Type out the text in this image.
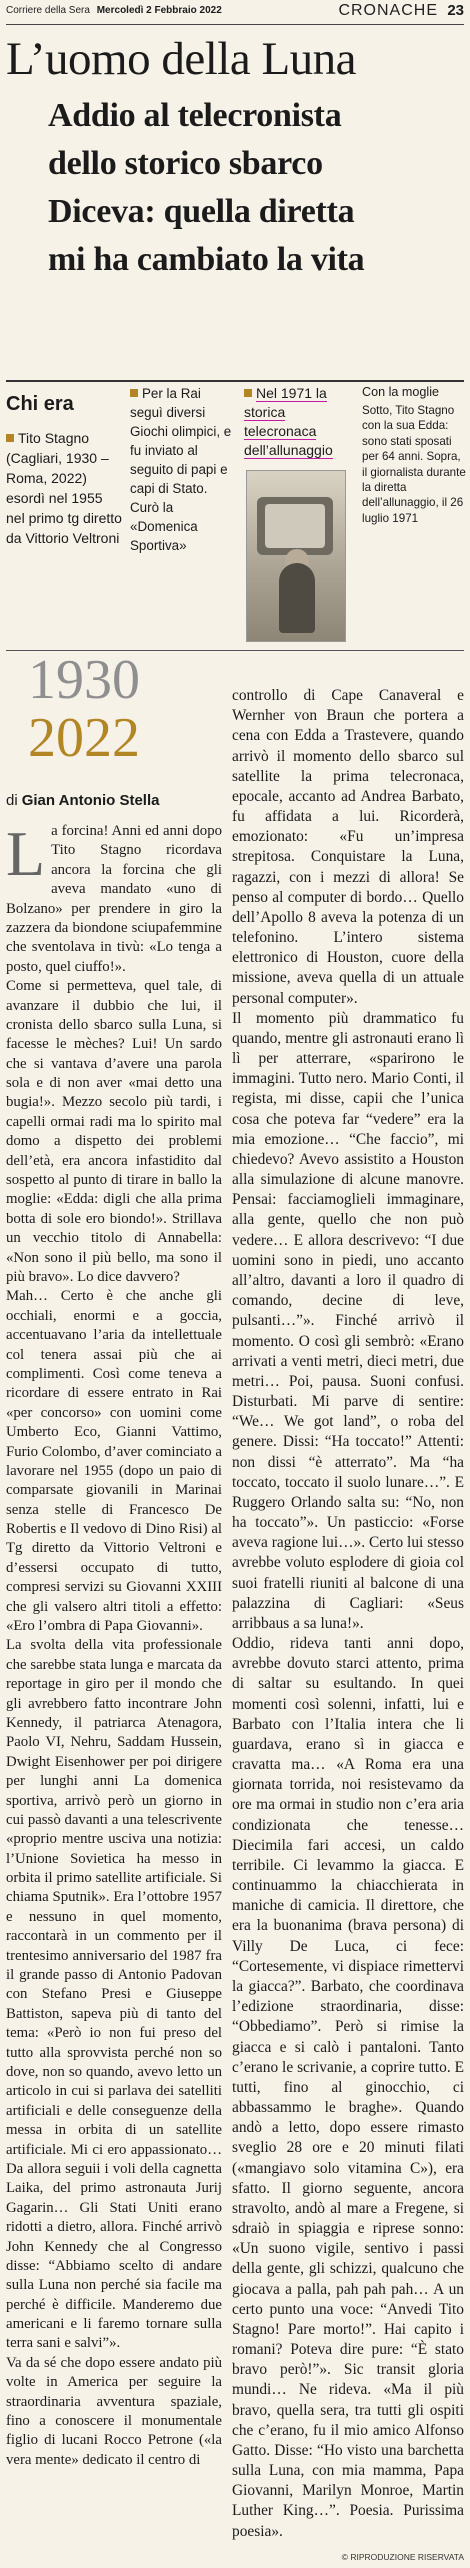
Corriere della Sera Mercoledì 2 Febbraio 2022	CRONACHE 23
L’uomo della Luna
Addio al telecronista
dello storico sbarco
Diceva: quella diretta
mi ha cambiato la vita
Chi era
Tito Stagno (Cagliari, 1930 – Roma, 2022) esordì nel 1955 nel primo tg diretto da Vittorio Veltroni
Per la Rai seguì diversi Giochi olimpici, e fu inviato al seguito di papi e capi di Stato. Curò la «Domenica Sportiva»
Nel 1971 la storica telecronaca dell’allunaggio
Con la moglie
Sotto, Tito Stagno con la sua Edda: sono stati sposati per 64 anni. Sopra, il giornalista durante la diretta dell’allunaggio, il 26 luglio 1971
1930
2022
di Gian Antonio Stella
L a forcina! Anni ed anni dopo Tito Stagno ricordava ancora la forcina che gli aveva mandato «uno di Bolzano» per prendere in giro la zazzera da biondone sciupafemmine che sventolava in tivù: «Lo tenga a posto, quel ciuffo!».

Come si permetteva, quel tale, di avanzare il dubbio che lui, il cronista dello sbarco sulla Luna, si facesse le mèches? Lui! Un sardo che si vantava d’avere una parola sola e di non aver «mai detto una bugia!». Mezzo secolo più tardi, i capelli ormai radi ma lo spirito mal domo a dispetto dei problemi dell’età, era ancora infastidito dal sospetto al punto di tirare in ballo la moglie: «Edda: digli che alla prima botta di sole ero biondo!». Strillava un vecchio titolo di Annabella: «Non sono il più bello, ma sono il più bravo». Lo dice davvero?

Mah… Certo è che anche gli occhiali, enormi e a goccia, accentuavano l’aria da intellettuale col tenera assai più che ai complimenti. Così come teneva a ricordare di essere entrato in Rai «per concorso» con uomini come Umberto Eco, Gianni Vattimo, Furio Colombo, d’aver cominciato a lavorare nel 1955 (dopo un paio di comparsate giovanili in Marinai senza stelle di Francesco De Robertis e Il vedovo di Dino Risi) al Tg diretto da Vittorio Veltroni e d’essersi occupato di tutto, compresi servizi su Giovanni XXIII che gli valsero altri titoli a effetto: «Ero l’ombra di Papa Giovanni».

La svolta della vita professionale che sarebbe stata lunga e marcata da reportage in giro per il mondo che gli avrebbero fatto incontrare John Kennedy, il patriarca Atenagora, Paolo VI, Nehru, Saddam Hussein, Dwight Eisenhower per poi dirigere per lunghi anni La domenica sportiva, arrivò però un giorno in cui passò davanti a una telescrivente «proprio mentre usciva una notizia: l’Unione Sovietica ha messo in orbita il primo satellite artificiale. Si chiama Sputnik». Era l’ottobre 1957 e nessuno in quel momento, raccontarà in un commento per il trentesimo anniversario del 1987 fra il grande passo di Antonio Padovan con Stefano Presi e Giuseppe Battiston, sapeva più di tanto del tema: «Però io non fui preso del tutto alla sprovvista perché non so dove, non so quando, avevo letto un articolo in cui si parlava dei satelliti artificiali e delle conseguenze della messa in orbita di un satellite artificiale. Mi ci ero appassionato… Da allora seguii i voli della cagnetta Laika, del primo astronauta Jurij Gagarin… Gli Stati Uniti erano ridotti a dietro, allora. Finché arrivò John Kennedy che al Congresso disse: “Abbiamo scelto di andare sulla Luna non perché sia facile ma perché è difficile. Manderemo due americani e li faremo tornare sulla terra sani e salvi”».

Va da sé che dopo essere andato più volte in America per seguire la straordinaria avventura spaziale, fino a conoscere il monumentale figlio di lucani Rocco Petrone («la vera mente» dedicato il centro di

controllo di Cape Canaveral e Wernher von Braun che portera a cena con Edda a Trastevere, quando arrivò il momento dello sbarco sul satellite la prima telecronaca, epocale, accanto ad Andrea Barbato, fu affidata a lui. Ricorderà, emozionato: «Fu un’impresa strepitosa. Conquistare la Luna, ragazzi, con i mezzi di allora! Se penso al computer di bordo… Quello dell’Apollo 8 aveva la potenza di un telefonino. L’intero sistema elettronico di Houston, cuore della missione, aveva quella di un attuale personal computer».

Il momento più drammatico fu quando, mentre gli astronauti erano lì lì per atterrare, «sparirono le immagini. Tutto nero. Mario Conti, il regista, mi disse, capii che l’unica cosa che poteva far “vedere” era la mia emozione… “Che faccio”, mi chiedevo? Avevo assistito a Houston alla simulazione di alcune manovre. Pensai: facciamoglieli immaginare, alla gente, quello che non può vedere… E allora descrivevo: “I due uomini sono in piedi, uno accanto all’altro, davanti a loro il quadro di comando, decine di leve, pulsanti…”». Finché arrivò il momento. O così gli sembrò: «Erano arrivati a venti metri, dieci metri, due metri… Poi, pausa. Suoni confusi. Disturbati. Mi parve di sentire: “We… We got land”, o roba del genere. Dissi: “Ha toccato!” Attenti: non dissi “è atterrato”. Ma “ha toccato, toccato il suolo lunare…”. E Ruggero Orlando salta su: “No, non ha toccato”». Un pasticcio: «Forse aveva ragione lui…». Certo lui stesso avrebbe voluto esplodere di gioia col suoi fratelli riuniti al balcone di una palazzina di Cagliari: «Seus arribbaus a sa luna!».

Oddio, rideva tanti anni dopo, avrebbe dovuto starci attento, prima di saltar su esultando. In quei momenti così solenni, infatti, lui e Barbato con l’Italia intera che li guardava, erano sì in giacca e cravatta ma… «A Roma era una giornata torrida, noi resistevamo da ore ma ormai in studio non c’era aria condizionata che tenesse… Diecimila fari accesi, un caldo terribile. Ci levammo la giacca. E continuammo la chiacchierata in maniche di camicia. Il direttore, che era la buonanima (brava persona) di Villy De Luca, ci fece: “Cortesemente, vi dispiace rimettervi la giacca?”. Barbato, che coordinava l’edizione straordinaria, disse: “Obbediamo”. Però si rimise la giacca e si calò i pantaloni. Tanto c’erano le scrivanie, a coprire tutto. E tutti, fino al ginocchio, ci abbassammo le braghe». Quando andò a letto, dopo essere rimasto sveglio 28 ore e 20 minuti filati («mangiavo solo vitamina C»), era sfatto. Il giorno seguente, ancora stravolto, andò al mare a Fregene, si sdraiò in spiaggia e riprese sonno: «Un suono vigile, sentivo i passi della gente, gli schizzi, qualcuno che giocava a palla, pah pah pah… A un certo punto una voce: “Anvedi Tito Stagno! Pare morto!”. Hai capito i romani? Poteva dire pure: “È stato bravo però!”». Sic transit gloria mundi… Ne rideva. «Ma il più bravo, quella sera, tra tutti gli ospiti che c’erano, fu il mio amico Alfonso Gatto. Disse: “Ho visto una barchetta sulla Luna, con mia mamma, Papa Giovanni, Marilyn Monroe, Martin Luther King…”. Poesia. Purissima poesia».

© RIPRODUZIONE RISERVATA
